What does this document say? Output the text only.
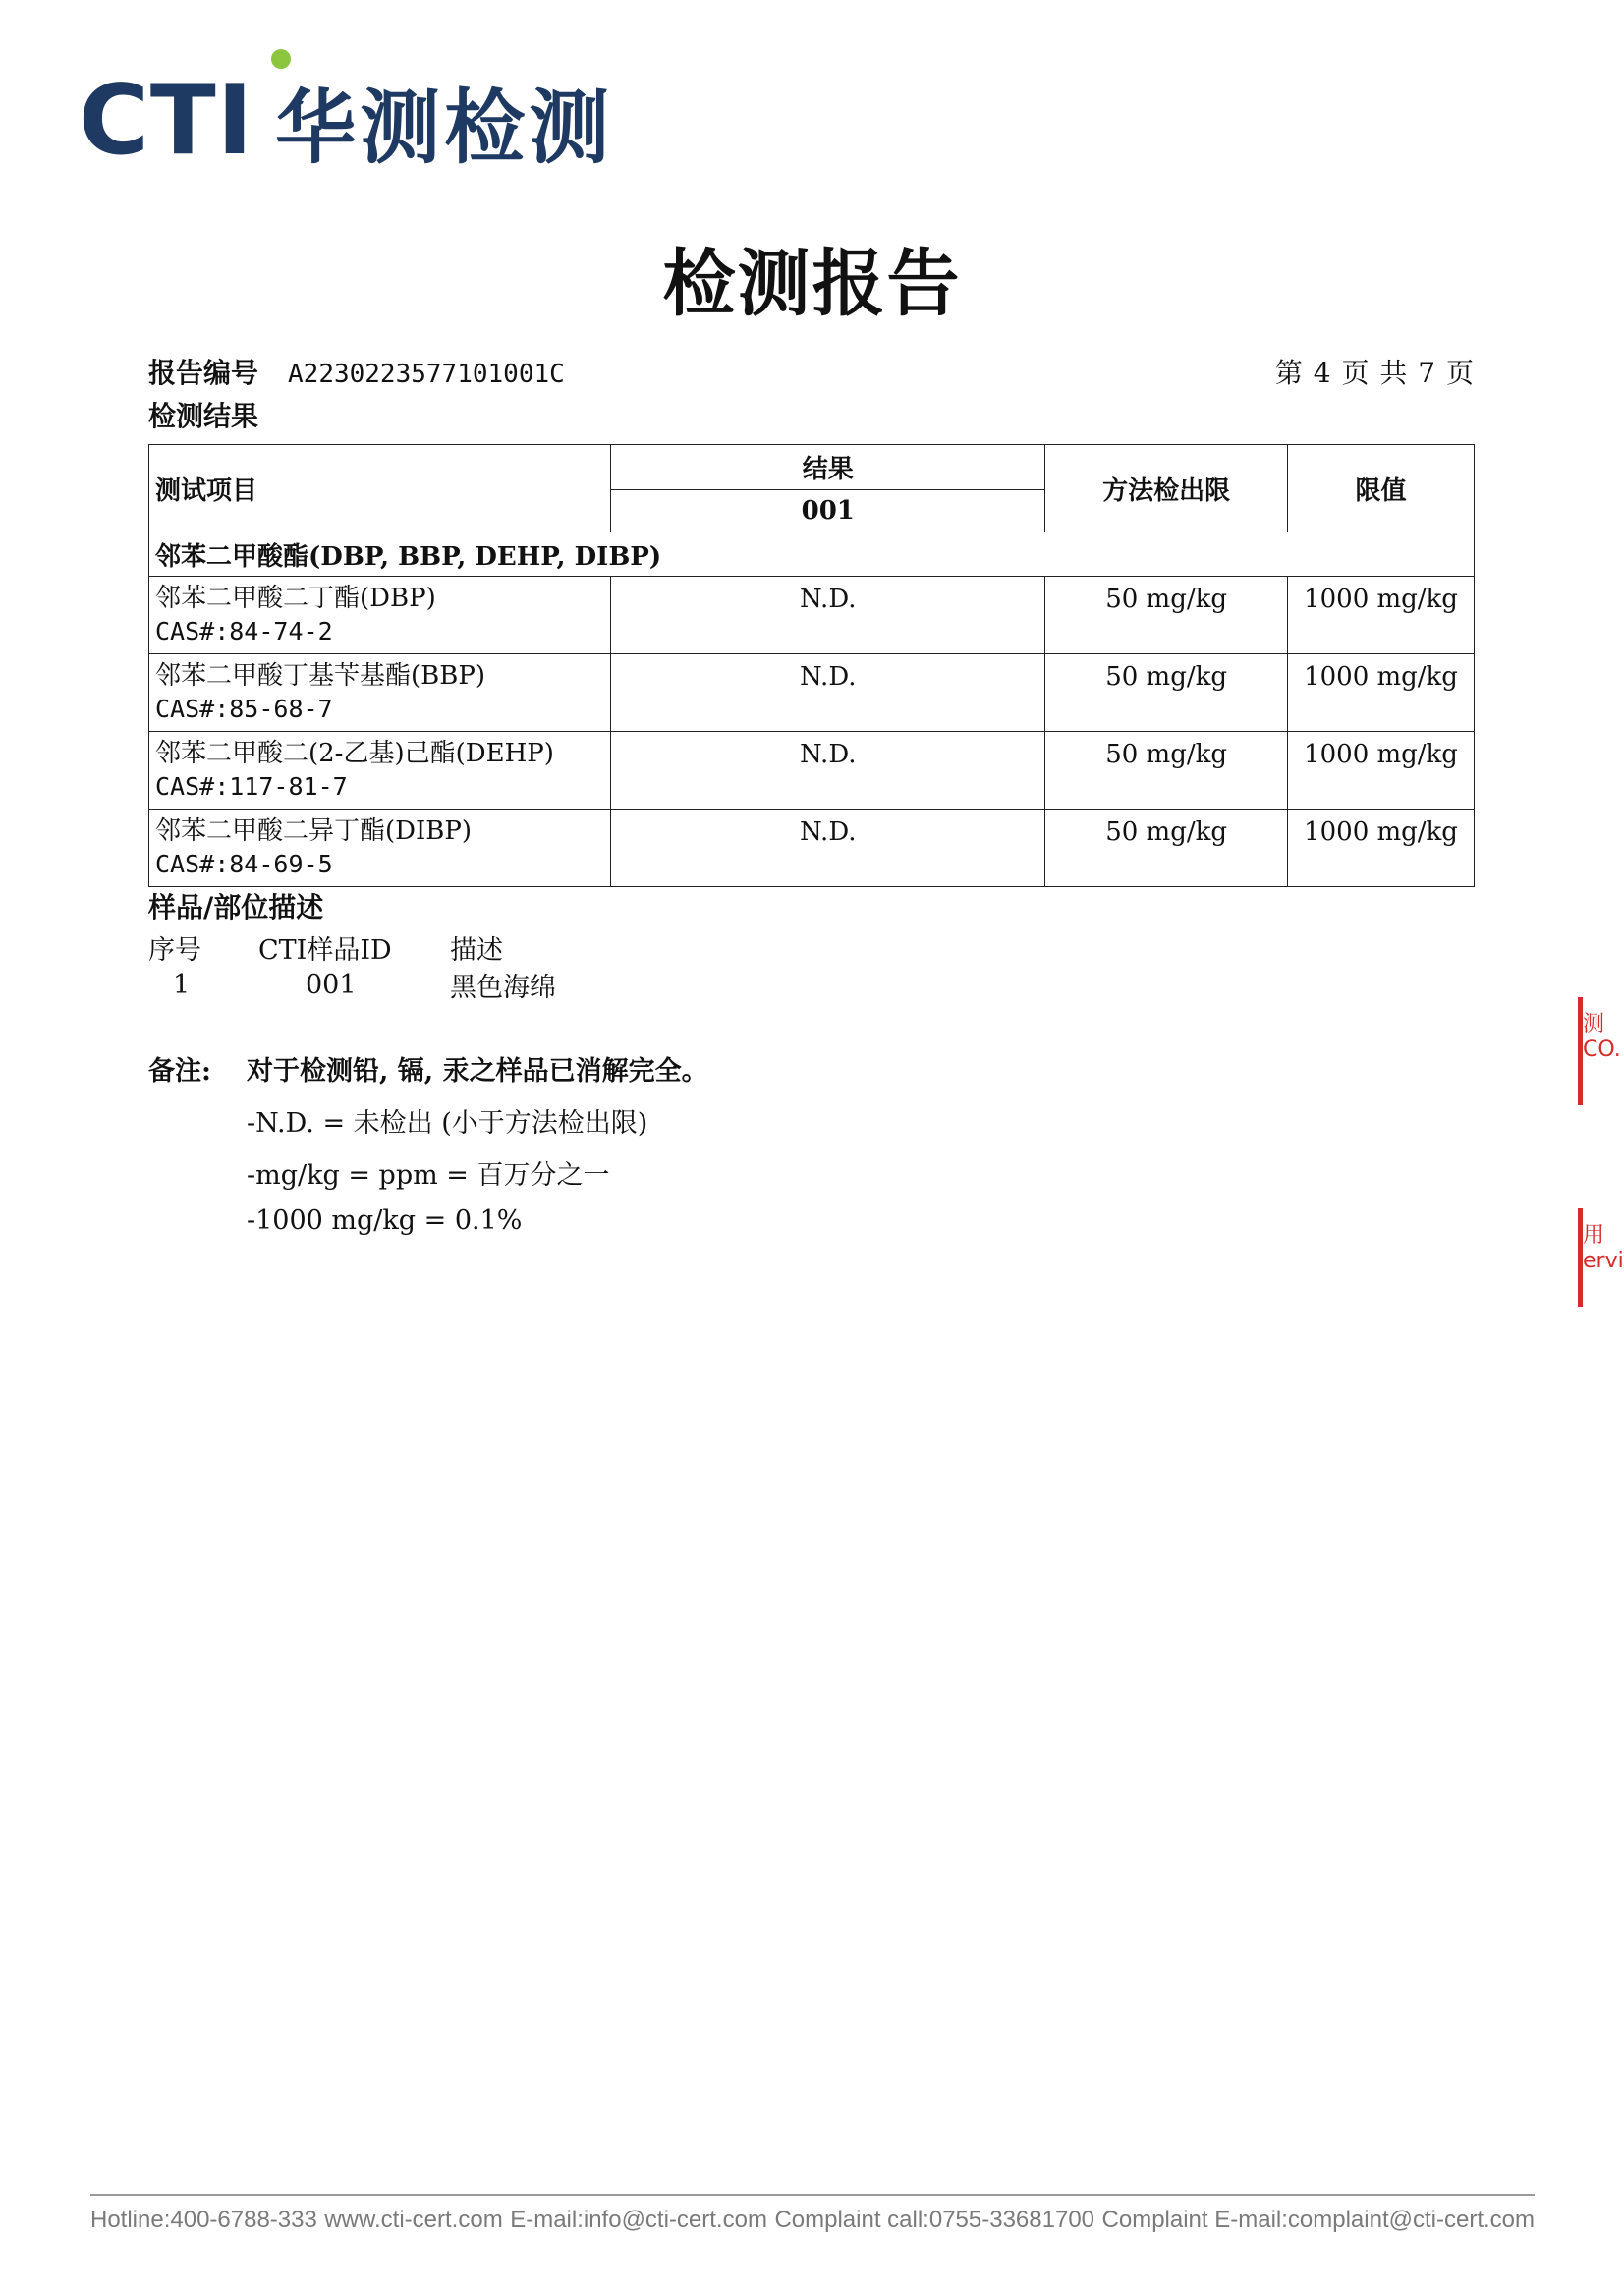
CTI 华测检测
检测报告
报告编号 A2230223577101001C	第 4 页 共 7 页
检测结果
测试项目	结果	方法检出限	限值
	001		
邻苯二甲酸酯(DBP, BBP, DEHP, DIBP)			

邻苯二甲酸二丁酯(DBP)
CAS#:84-74-2	N.D.	50 mg/kg	1000 mg/kg

邻苯二甲酸丁基苄基酯(BBP)
CAS#:85-68-7	N.D.	50 mg/kg	1000 mg/kg

邻苯二甲酸二(2-乙基)己酯(DEHP)
CAS#:117-81-7	N.D.	50 mg/kg	1000 mg/kg

邻苯二甲酸二异丁酯(DIBP)
CAS#:84-69-5	N.D.	50 mg/kg	1000 mg/kg
样品/部位描述
序号	CTI样品ID	描述
1	001	黑色海绵
备注:	对于检测铅, 镉, 汞之样品已消解完全。
-N.D. = 未检出 (小于方法检出限)
-mg/kg = ppm = 百万分之一
-1000 mg/kg = 0.1%
测 CO.
用 ervi
Hotline:400-6788-333 www.cti-cert.com E-mail:info@cti-cert.com Complaint call:0755-33681700 Complaint E-mail:complaint@cti-cert.com
